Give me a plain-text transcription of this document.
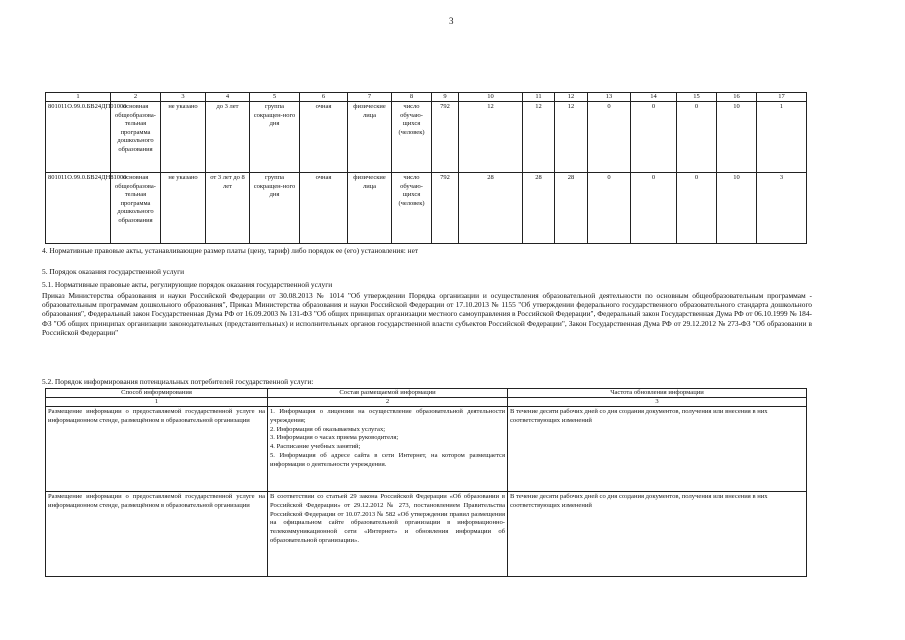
3
1	2	3	4	5	6	7	8	9	10	11	12	13	14	15	16	17
801011О.99.0.БВ24ДП01000	основная общеобразова-тельная программа дошкольного образования	не указано	до 3 лет	группа сокращен-ного дня	очная	физические лица	число обучаю-щихся (человек)	792	12	12	12	0	0	0	10	1
801011О.99.0.БВ24ДН81000	основная общеобразова-тельная программа дошкольного образования	не указано	от 3 лет до 8 лет	группа сокращен-ного дня	очная	физические лица	число обучаю-щихся (человек)	792	28	28	28	0	0	0	10	3
4. Нормативные правовые акты, устанавливающие размер платы (цену, тариф) либо порядок ее (его) установления: нет
5. Порядок оказания государственной услуги
5.1. Нормативные правовые акты, регулирующие порядок оказания государственной услуги
Приказ Министерства образования и науки Российской Федерации от 30.08.2013 № 1014 "Об утверждении Порядка организации и осуществления образовательной деятельности по основным общеобразовательным программам - образовательным программам дошкольного образования", Приказ Министерства образования и науки Российской Федерации от 17.10.2013 № 1155 "Об утверждении федерального государственного образовательного стандарта дошкольного образования", Федеральный закон Государственная Дума РФ от 16.09.2003 № 131-ФЗ "Об общих принципах организации местного самоуправления в Российской Федерации", Федеральный закон Государственная Дума РФ от 06.10.1999 № 184-ФЗ "Об общих принципах организации законодательных (представительных) и исполнительных органов государственной власти субъектов Российской Федерации", Закон Государственная Дума РФ от 29.12.2012 № 273-ФЗ "Об образовании в Российской Федерации"
5.2. Порядок информирования потенциальных потребителей государственной услуги:
Способ информирования	Состав размещаемой информации	Частота обновления информации
1	2	3
Размещение информации о предоставляемой государственной услуге на информационном стенде, размещённом в образовательной организации	1. Информация о лицензии на осуществление образовательной деятельности учреждения;
2. Информация об оказываемых услугах;
3. Информация о часах приема руководителя;
4. Расписание учебных занятий;
5. Информация об адресе сайта в сети Интернет, на котором размещается информация о деятельности учреждения.	В течение десяти рабочих дней со дня создания документов, получения или внесения в них соответствующих изменений
Размещение информации о предоставляемой государственной услуге на информационном стенде, размещённом в образовательной организации	В соответствии со статьей 29 закона Российской Федерации «Об образовании в Российской Федерации» от 29.12.2012 № 273, постановлением Правительства Российской Федерации от 10.07.2013 № 582 «Об утверждении правил размещения на официальном сайте образовательной организации в информационно-телекоммуникационной сети «Интернет» и обновления информации об образовательной организации».	В течение десяти рабочих дней со дня создания документов, получения или внесения в них соответствующих изменений
